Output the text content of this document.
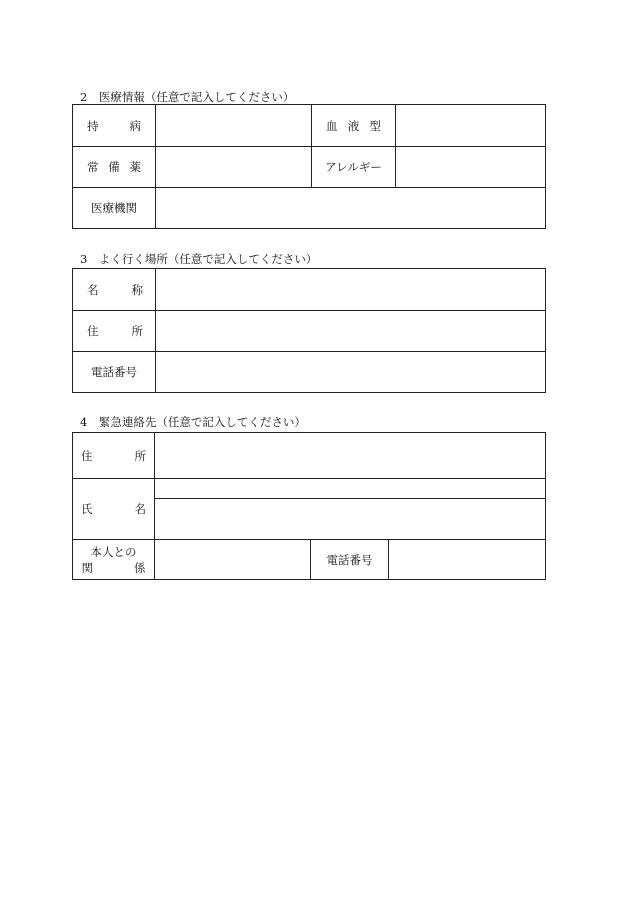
2　医療情報（任意で記入してください）
持 病		血 液 型	

常 備 薬		アレルギー	
医療機関			
3　よく行く場所（任意で記入してください）
名 称	

住 所	

電話番号	
4　緊急連絡先（任意で記入してください）
住 所			

氏 名			

本人との
関 係		電話番号	
